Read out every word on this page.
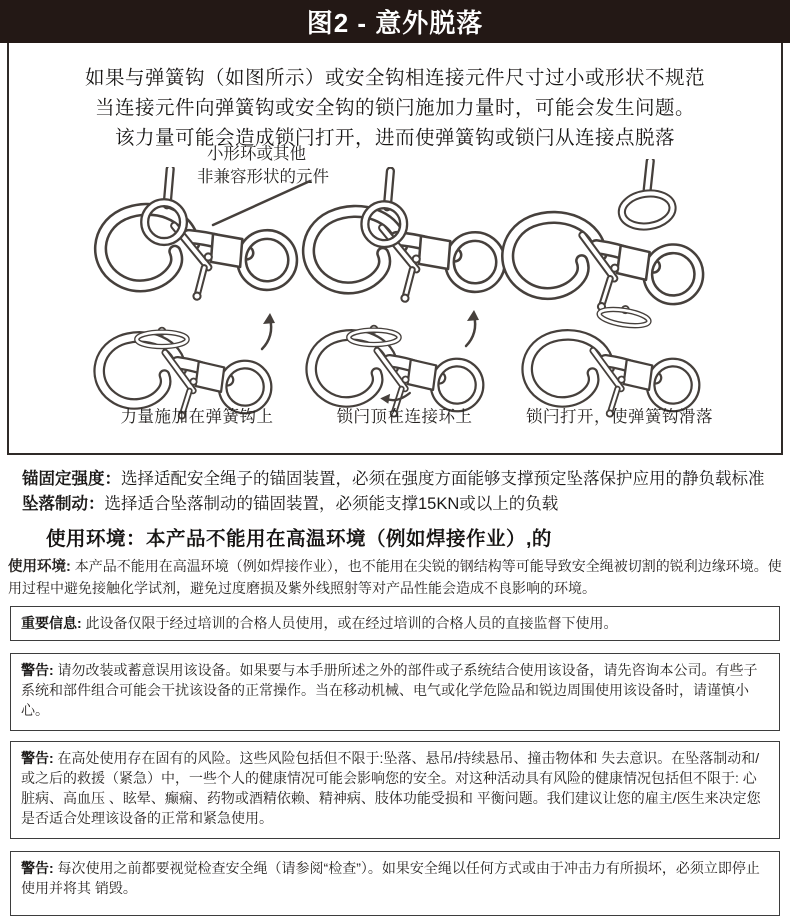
图2 - 意外脱落
如果与弹簧钩（如图所示）或安全钩相连接元件尺寸过小或形状不规范
当连接元件向弹簧钩或安全钩的锁闩施加力量时，可能会发生问题。
该力量可能会造成锁闩打开，进而使弹簧钩或锁闩从连接点脱落
小形环或其他
非兼容形状的元件
力量施加在弹簧钩上	锁闩顶在连接环上	锁闩打开，使弹簧钩滑落
锚固定强度：选择适配安全绳子的锚固装置，必须在强度方面能够支撑预定坠落保护应用的静负载标准
坠落制动：选择适合坠落制动的锚固装置，必须能支撑15KN或以上的负载
使用环境：本产品不能用在高温环境（例如焊接作业）,的
使用环境: 本产品不能用在高温环境（例如焊接作业），也不能用在尖锐的钢结构等可能导致安全绳被切割的锐利边缘环境。使用过程中避免接触化学试剂，避免过度磨损及紫外线照射等对产品性能会造成不良影响的环境。
重要信息: 此设备仅限于经过培训的合格人员使用，或在经过培训的合格人员的直接监督下使用。
警告: 请勿改装或蓄意误用该设备。如果要与本手册所述之外的部件或子系统结合使用该设备，请先咨询本公司。有些子系统和部件组合可能会干扰该设备的正常操作。当在移动机械、电气或化学危险品和锐边周围使用该设备时，请谨慎小心。
警告: 在高处使用存在固有的风险。这些风险包括但不限于:坠落、悬吊/持续悬吊、撞击物体和 失去意识。在坠落制动和/或之后的救援（紧急）中，一些个人的健康情况可能会影响您的安全。对这种活动具有风险的健康情况包括但不限于: 心脏病、高血压 、眩晕、癫痫、药物或酒精依赖、精神病、肢体功能受损和 平衡问题。我们建议让您的雇主/医生来决定您是否适合处理该设备的正常和紧急使用。
警告: 每次使用之前都要视觉检查安全绳（请参阅“检查”）。如果安全绳以任何方式或由于冲击力有所损坏，必须立即停止使用并将其 销毁。
